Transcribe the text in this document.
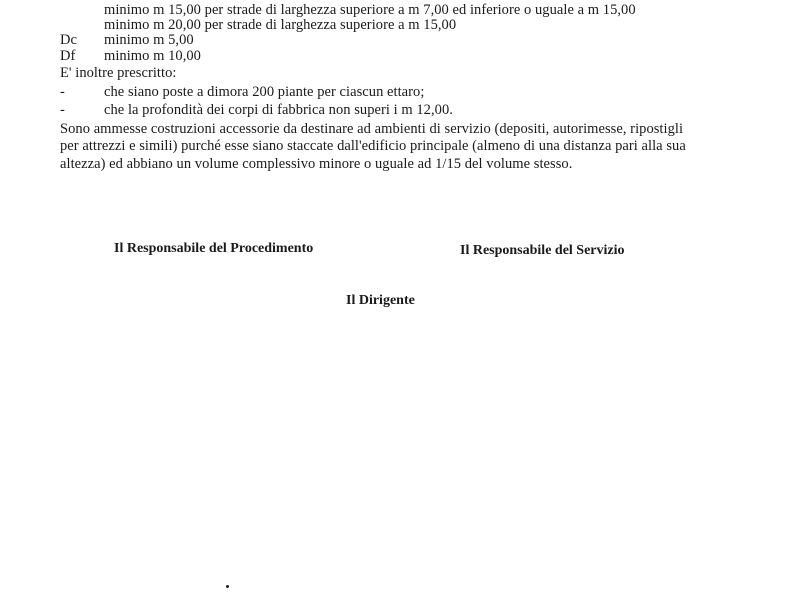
minimo m 15,00 per strade di larghezza superiore a m 7,00 ed inferiore o uguale a m 15,00
minimo m 20,00 per strade di larghezza superiore a m 15,00
Dc minimo m 5,00
Df minimo m 10,00
E' inoltre prescritto:
-	che siano poste a dimora 200 piante per ciascun ettaro;
-	che la profondità dei corpi di fabbrica non superi i m 12,00.
Sono ammesse costruzioni accessorie da destinare ad ambienti di servizio (depositi, autorimesse, ripostigli
per attrezzi e simili) purché esse siano staccate dall'edificio principale (almeno di una distanza pari alla sua
altezza) ed abbiano un volume complessivo minore o uguale ad 1/15 del volume stesso.
Il Responsabile del Procedimento	Il Responsabile del Servizio
Il Dirigente
